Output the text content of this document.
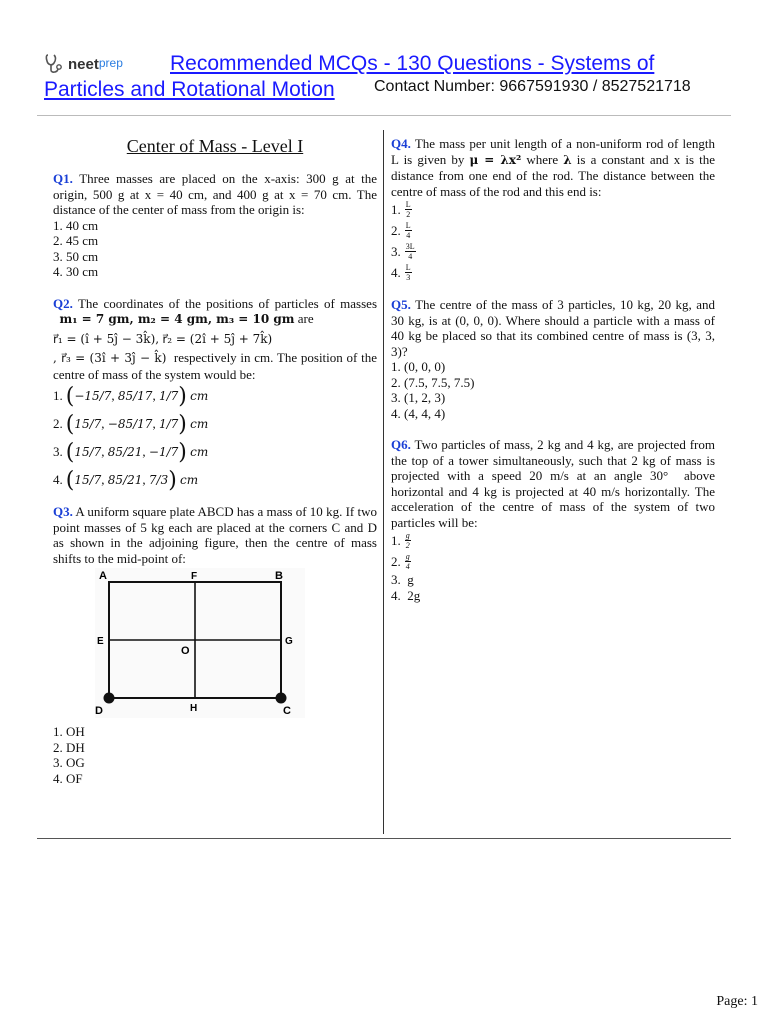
neet$^{prep}$ Recommended MCQs - 130 Questions - Systems of
Particles and Rotational Motion Contact Number: 9667591930 / 8527521718
Center of Mass - Level I

Q1. Three masses are placed on the x-axis: 300 g at the origin, 500 g at x = 40 cm, and 400 g at x = 70 cm. The distance of the center of mass from the origin is:

1. 40 cm
2. 45 cm
3. 50 cm
4. 30 cm

Q2. The coordinates of the positions of particles of masses   m₁ = 7 gm, m₂ = 4 gm, m₃ = 10 gm are

r⃗₁ = (î + 5ĵ − 3k̂), r⃗₂ = (2î + 5ĵ + 7k̂)

, r⃗₃ = (3î + 3ĵ − k̂) respectively in cm. The position of the centre of mass of the system would be:

1. ( −15/7 , 85/17 , 1/7 )
cm
2. ( 15/7 , −85/17 , 1/7 )
cm
3. ( 15/7 , 85/21 , −1/7 )
cm
4. ( 15/7 , 85/21 , 7/3 )
cm

Q3. A uniform square plate ABCD has a mass of 10 kg. If two point masses of 5 kg each are placed at the corners C and D as shown in the adjoining figure, then the centre of mass shifts to the mid-point of:

A	F	B
E	G
O
D	H	C
1. OH
2. DH
3. OG
4. OF

Q4. The mass per unit length of a non-uniform rod of length L is given by μ = λx² where λ is a constant and x is the distance from one end of the rod. The distance between the centre of mass of the rod and this end is:

1. $\frac{L}{2}$
2. $\frac{L}{4}$
3. $\frac{3L}{4}$
4. $\frac{L}{3}$

Q5. The centre of the mass of 3 particles, 10 kg, 20 kg, and 30 kg, is at (0, 0, 0). Where should a particle with a mass of 40 kg be placed so that its combined centre of mass is (3, 3, 3)?

1. (0, 0, 0)
2. (7.5, 7.5, 7.5)
3. (1, 2, 3)
4. (4, 4, 4)

Q6. Two particles of mass, 2 kg and 4 kg, are projected from the top of a tower simultaneously, such that 2 kg of mass is projected with a speed 20 m/s at an angle 30° above horizontal and 4 kg is projected at 40 m/s horizontally. The acceleration of the centre of mass of the system of two particles will be:

1. $\frac{g}{2}$
2. $\frac{g}{4}$
3. g
4. 2g
Page: 1
